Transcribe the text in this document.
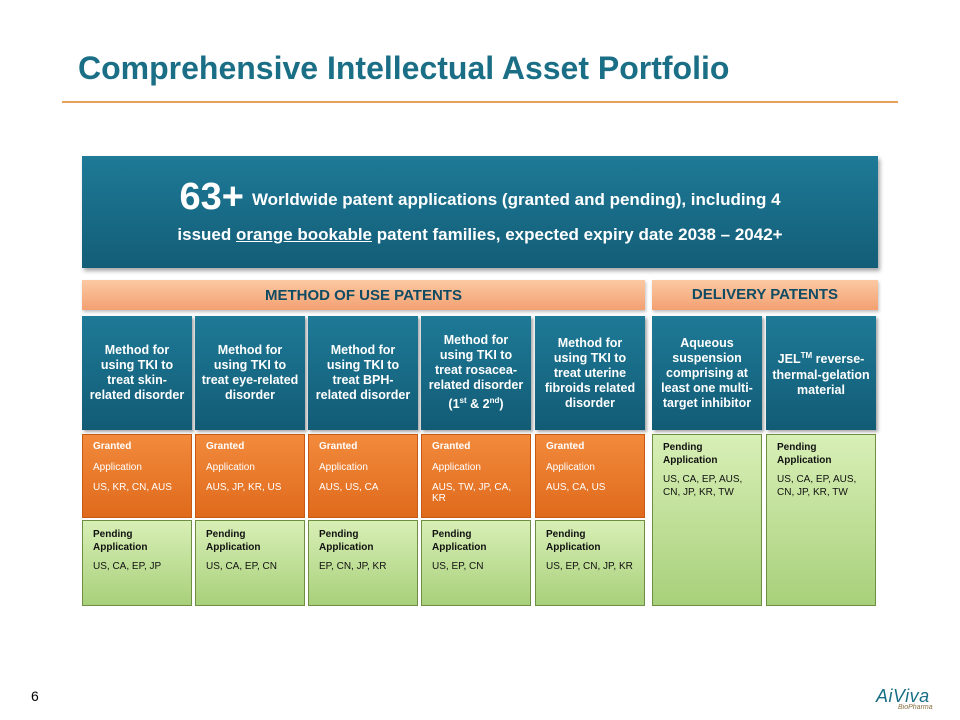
Comprehensive Intellectual Asset Portfolio
63+ Worldwide patent applications (granted and pending), including 4
issued orange bookable patent families, expected expiry date 2038 – 2042+
METHOD OF USE PATENTS	DELIVERY PATENTS
Method for using TKI to treat skin-related disorder
Granted
Application
US, KR, CN, AUS
Pending Application
US, CA, EP, JP
Method for using TKI to treat eye-related disorder
Granted
Application
AUS, JP, KR, US
Pending Application
US, CA, EP, CN
Method for using TKI to treat BPH-related disorder
Granted
Application
AUS, US, CA
Pending Application
EP, CN, JP, KR
Method for using TKI to treat rosacea-related disorder
(1st & 2nd)
Granted
Application
AUS, TW, JP, CA, KR
Pending Application
US, EP, CN
Method for using TKI to treat uterine fibroids related disorder
Granted
Application
AUS, CA, US
Pending Application
US, EP, CN, JP, KR
Aqueous suspension comprising at least one multi-target inhibitor
Pending Application
US, CA, EP, AUS, CN, JP, KR, TW
JEL™ reverse-thermal-gelation material
Pending Application
US, CA, EP, AUS, CN, JP, KR, TW
6	AiViva
BioPharma
